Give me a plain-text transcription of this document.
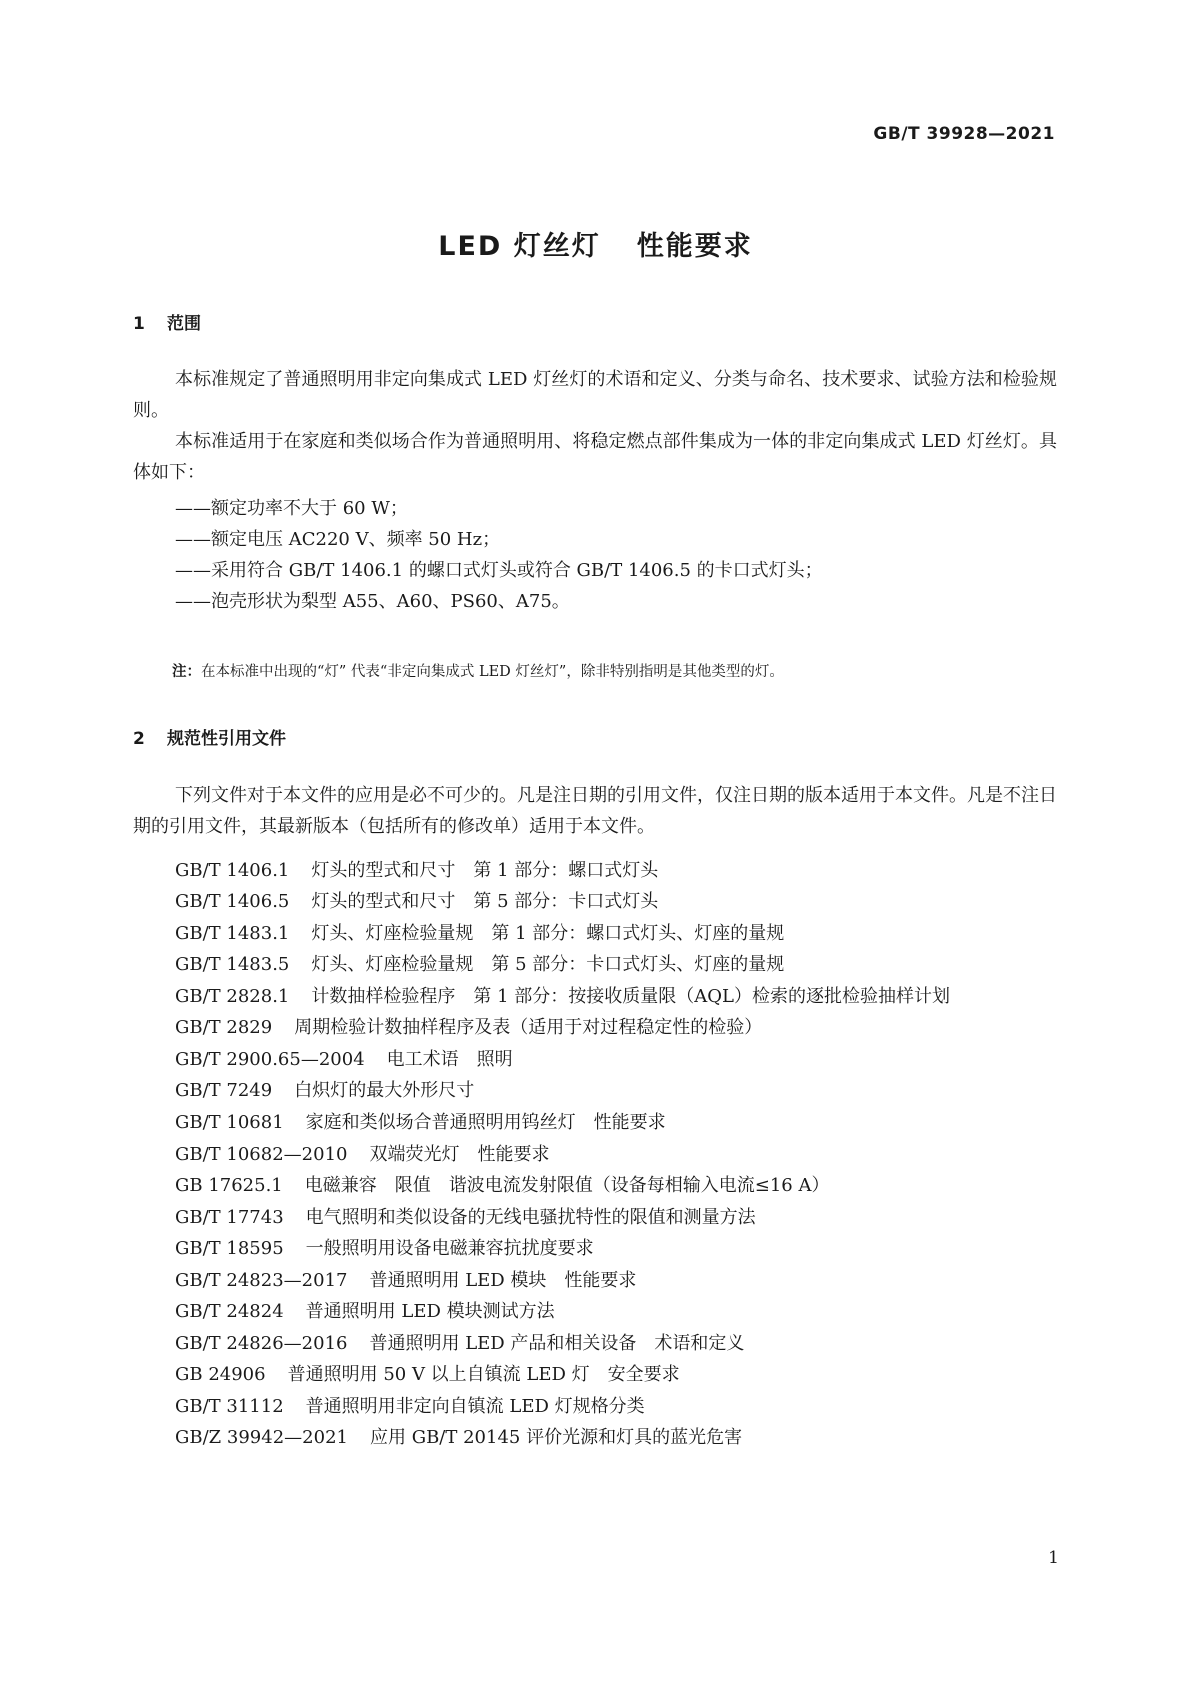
GB/T 39928—2021
LED 灯丝灯 性能要求
1 范围
本标准规定了普通照明用非定向集成式 LED 灯丝灯的术语和定义、分类与命名、技术要求、试验方法和检验规则。
本标准适用于在家庭和类似场合作为普通照明用、将稳定燃点部件集成为一体的非定向集成式 LED 灯丝灯。具体如下：
——额定功率不大于 60 W；
——额定电压 AC220 V、频率 50 Hz；
——采用符合 GB/T 1406.1 的螺口式灯头或符合 GB/T 1406.5 的卡口式灯头；
——泡壳形状为梨型 A55、A60、PS60、A75。
注：在本标准中出现的“灯” 代表“非定向集成式 LED 灯丝灯”，除非特别指明是其他类型的灯。
2 规范性引用文件
下列文件对于本文件的应用是必不可少的。凡是注日期的引用文件，仅注日期的版本适用于本文件。凡是不注日期的引用文件，其最新版本（包括所有的修改单）适用于本文件。
GB/T 1406.1 灯头的型式和尺寸　第 1 部分：螺口式灯头
GB/T 1406.5 灯头的型式和尺寸　第 5 部分：卡口式灯头
GB/T 1483.1 灯头、灯座检验量规　第 1 部分：螺口式灯头、灯座的量规
GB/T 1483.5 灯头、灯座检验量规　第 5 部分：卡口式灯头、灯座的量规
GB/T 2828.1 计数抽样检验程序　第 1 部分：按接收质量限（AQL）检索的逐批检验抽样计划
GB/T 2829 周期检验计数抽样程序及表（适用于对过程稳定性的检验）
GB/T 2900.65—2004 电工术语　照明
GB/T 7249 白炽灯的最大外形尺寸
GB/T 10681 家庭和类似场合普通照明用钨丝灯　性能要求
GB/T 10682—2010 双端荧光灯　性能要求
GB 17625.1 电磁兼容　限值　谐波电流发射限值（设备每相输入电流≤16 A）
GB/T 17743 电气照明和类似设备的无线电骚扰特性的限值和测量方法
GB/T 18595 一般照明用设备电磁兼容抗扰度要求
GB/T 24823—2017 普通照明用 LED 模块　性能要求
GB/T 24824 普通照明用 LED 模块测试方法
GB/T 24826—2016 普通照明用 LED 产品和相关设备　术语和定义
GB 24906 普通照明用 50 V 以上自镇流 LED 灯　安全要求
GB/T 31112 普通照明用非定向自镇流 LED 灯规格分类
GB/Z 39942—2021 应用 GB/T 20145 评价光源和灯具的蓝光危害
1
